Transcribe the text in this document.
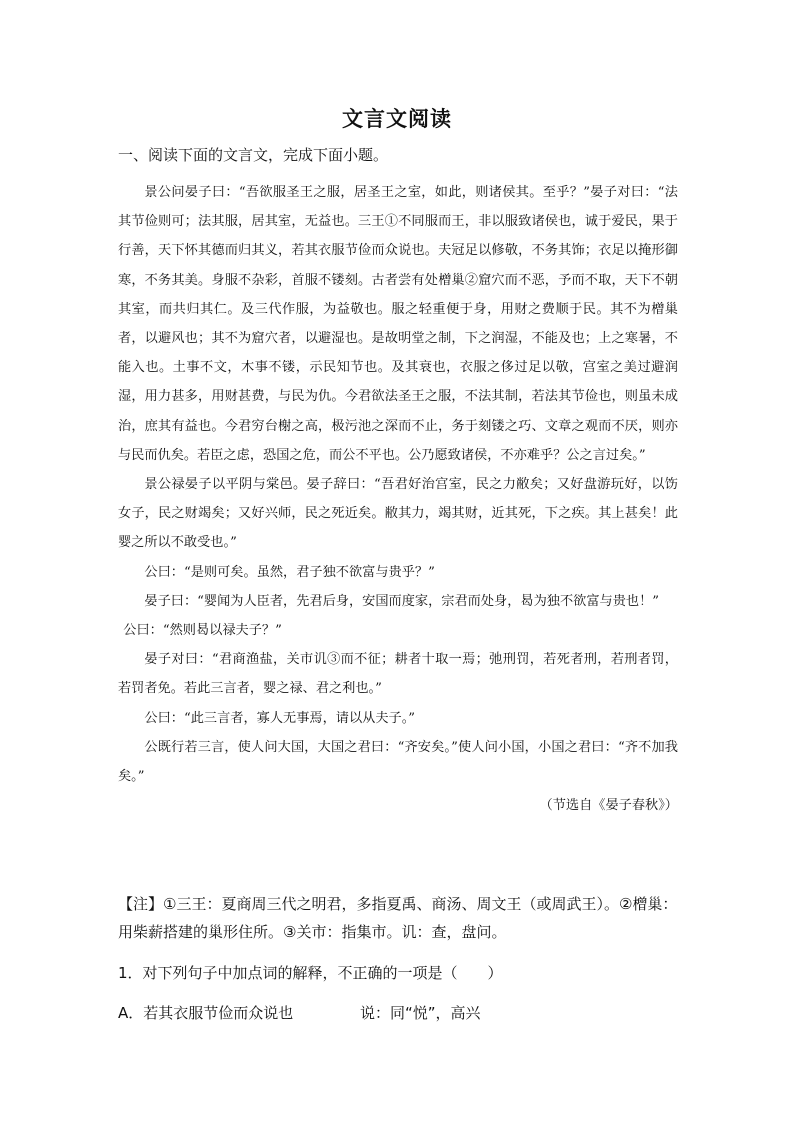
文言文阅读
一、阅读下面的文言文，完成下面小题。

景公问晏子曰：“吾欲服圣王之服，居圣王之室，如此，则诸侯其。至乎？”晏子对曰：“法其节俭则可；法其服，居其室，无益也。三王①不同服而王，非以服致诸侯也，诚于爱民，果于行善，天下怀其德而归其义，若其衣服节俭而众说也。夫冠足以修敬，不务其饰；衣足以掩形御寒，不务其美。身服不杂彩，首服不镂刻。古者尝有处橧巢②窟穴而不恶，予而不取，天下不朝其室，而共归其仁。及三代作服，为益敬也。服之轻重便于身，用财之费顺于民。其不为橧巢者，以避风也；其不为窟穴者，以避湿也。是故明堂之制，下之润湿，不能及也；上之寒暑，不能入也。土事不文，木事不镂，示民知节也。及其衰也，衣服之侈过足以敬，宫室之美过避润湿，用力甚多，用财甚费，与民为仇。今君欲法圣王之服，不法其制，若法其节俭也，则虽未成治，庶其有益也。今君穷台榭之高，极污池之深而不止，务于刻镂之巧、文章之观而不厌，则亦与民而仇矣。若臣之虑，恐国之危，而公不平也。公乃愿致诸侯，不亦难乎？公之言过矣。”

景公禄晏子以平阴与棠邑。晏子辞曰：“吾君好治宫室，民之力敝矣；又好盘游玩好，以饬女子，民之财竭矣；又好兴师，民之死近矣。敝其力，竭其财，近其死，下之疾。其上甚矣！此婴之所以不敢受也。”

公曰：“是则可矣。虽然，君子独不欲富与贵乎？”

晏子曰：“婴闻为人臣者，先君后身，安国而度家，宗君而处身，曷为独不欲富与贵也！”

公曰：“然则曷以禄夫子？”

晏子对曰：“君商渔盐，关市讥③而不征；耕者十取一焉；弛刑罚，若死者刑，若刑者罚，若罚者免。若此三言者，婴之禄、君之利也。”

公曰：“此三言者，寡人无事焉，请以从夫子。”

公既行若三言，使人问大国，大国之君曰：“齐安矣。”使人问小国，小国之君曰：“齐不加我矣。”

（节选自《晏子春秋》）

【注】①三王：夏商周三代之明君，多指夏禹、商汤、周文王（或周武王）。②橧巢：用柴薪搭建的巢形住所。③关市：指集市。讥：查，盘问。
1．对下列句子中加点词的解释，不正确的一项是（　　）
A．若其衣服节俭而众说也	说：同“悦”，高兴
